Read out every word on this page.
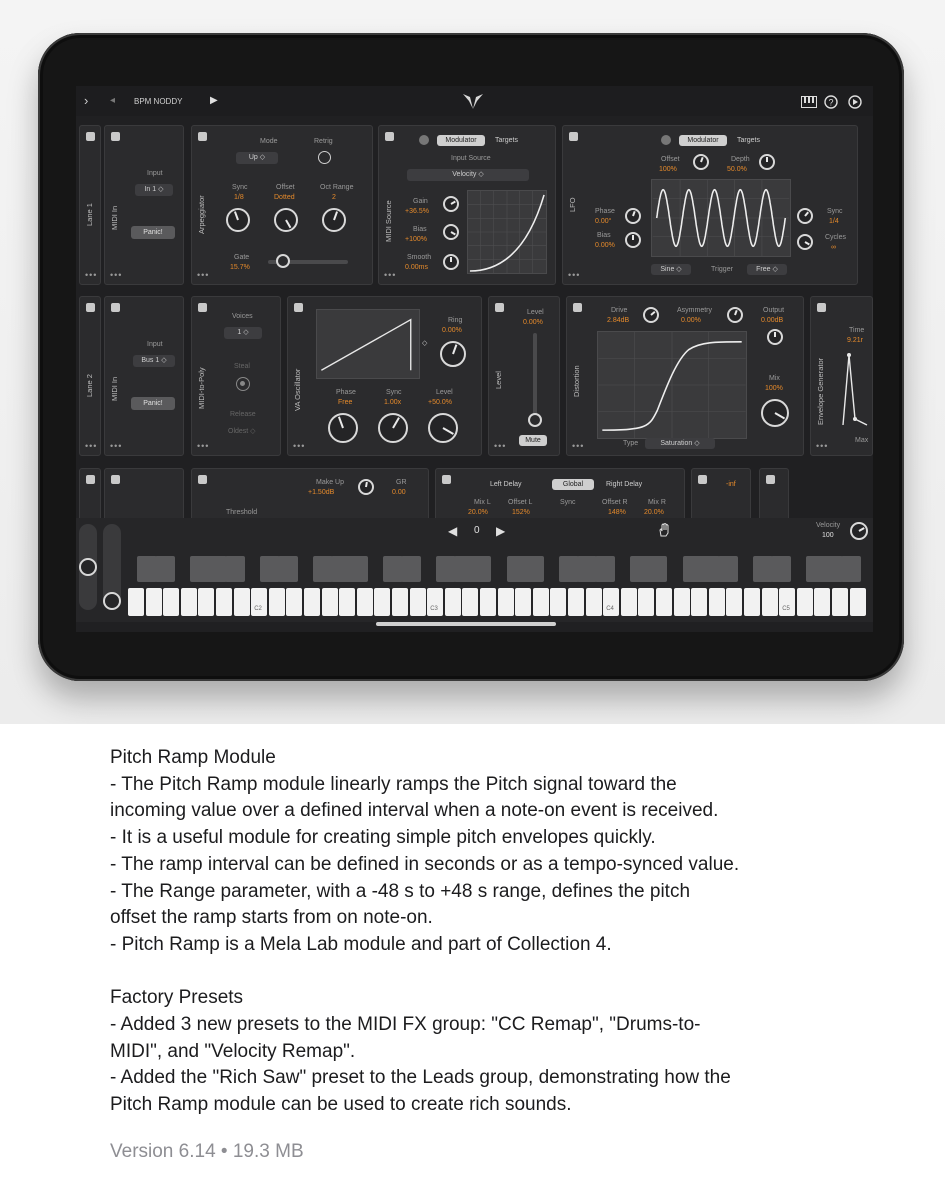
› ◂ BPM NODDY	▶	?
Lane 1
•••
MIDI In
Input
In 1 ◇
Panic!
•••
Arpeggiator
Mode
Up ◇
Retrig
Sync
1/8
Offset
Dotted
Oct Range
2
Gate
15.7%
•••
MIDI Source
Modulator	Targets
Input Source
Velocity ◇
Gain
+36.5%
Bias
+100%
Smooth
0.00ms
•••
LFO
Modulator	Targets
Offset
100%
Depth
50.0%
Phase
0.00°
Bias
0.00%
Sync
1/4
Cycles
∞
Sine ◇	Trigger	Free ◇
•••
Lane 2
•••
MIDI In
Input
Bus 1 ◇
Panic!
•••
MIDI-to-Poly
Voices
1 ◇
Steal
Release
Oldest ◇
•••
VA Oscillator
◇
Ring
0.00%
Phase
Free
Sync
1.00x
Level
+50.0%
•••
Level
Level
0.00%
Mute
•••
Distortion
Drive
2.84dB
Asymmetry
0.00%
Output
0.00dB
Mix
100%
Type	Saturation ◇
•••
Envelope Generator
Time
9.21r
Max
•••
Make Up
+1.50dB
GR
0.00
Threshold
Left Delay	Global	Right Delay
Mix L
20.0%
Offset L
152%
Sync	Offset R
148%
Mix R
20.0%
-inf
◀ 0 ▶	Velocity
100
C2	C3	C4	C5

Pitch Ramp Module

- The Pitch Ramp module linearly ramps the Pitch signal toward the

incoming value over a defined interval when a note-on event is received.

- It is a useful module for creating simple pitch envelopes quickly.

- The ramp interval can be defined in seconds or as a tempo-synced value.

- The Range parameter, with a -48 s to +48 s range, defines the pitch

offset the ramp starts from on note-on.

- Pitch Ramp is a Mela Lab module and part of Collection 4.

Factory Presets

- Added 3 new presets to the MIDI FX group: "CC Remap", "Drums-to-

MIDI", and "Velocity Remap".

- Added the "Rich Saw" preset to the Leads group, demonstrating how the

Pitch Ramp module can be used to create rich sounds.

Version 6.14 • 19.3 MB
